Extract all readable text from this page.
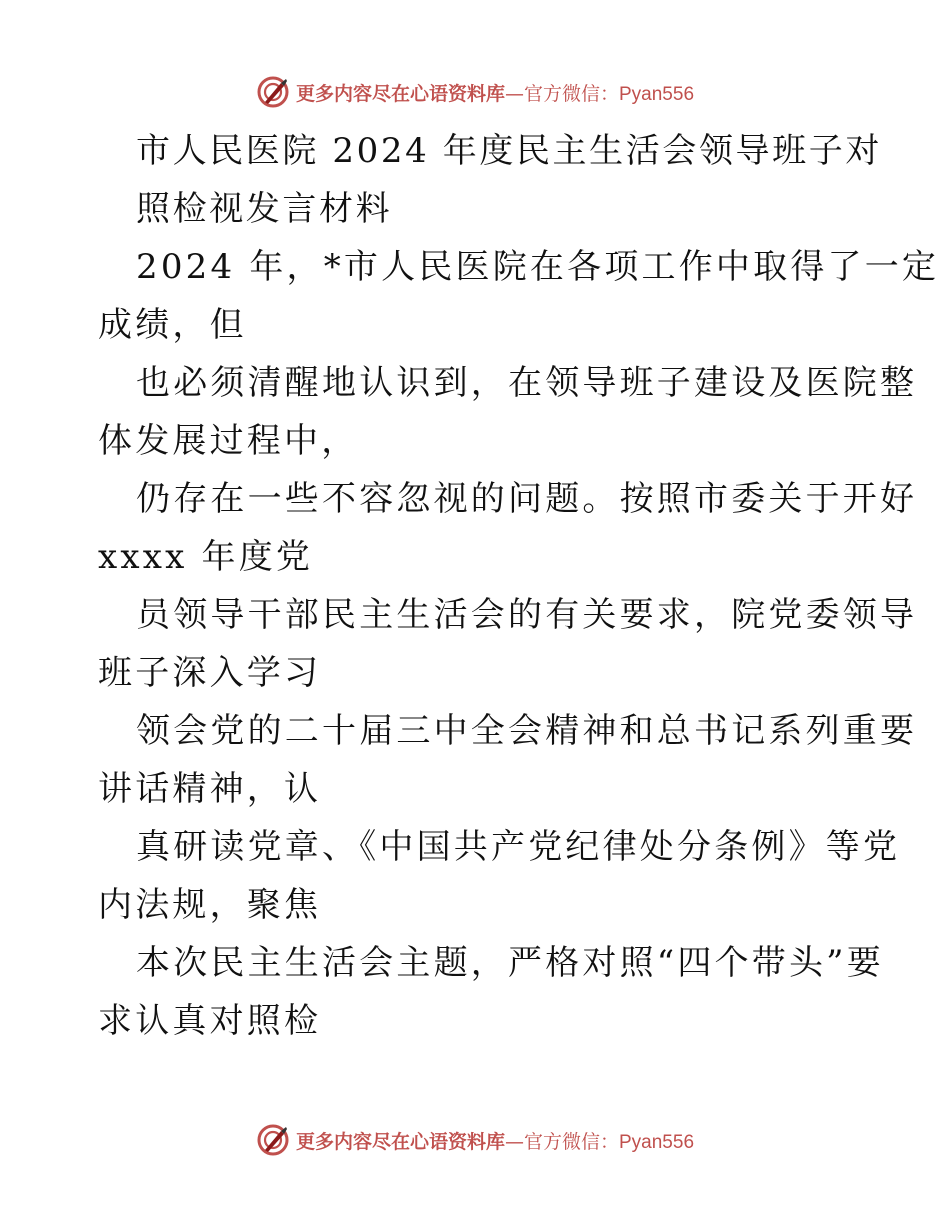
更多内容尽在心语资料库—官方微信：Pyan556
市人民医院 2024 年度民主生活会领导班子对
照检视发言材料
2024 年，*市人民医院在各项工作中取得了一定
成绩，但
也必须清醒地认识到，在领导班子建设及医院整
体发展过程中，
仍存在一些不容忽视的问题。按照市委关于开好
xxxx 年度党
员领导干部民主生活会的有关要求，院党委领导
班子深入学习
领会党的二十届三中全会精神和总书记系列重要
讲话精神，认
真研读党章、《中国共产党纪律处分条例》等党
内法规，聚焦
本次民主生活会主题，严格对照“四个带头”要
求认真对照检
更多内容尽在心语资料库—官方微信：Pyan556
